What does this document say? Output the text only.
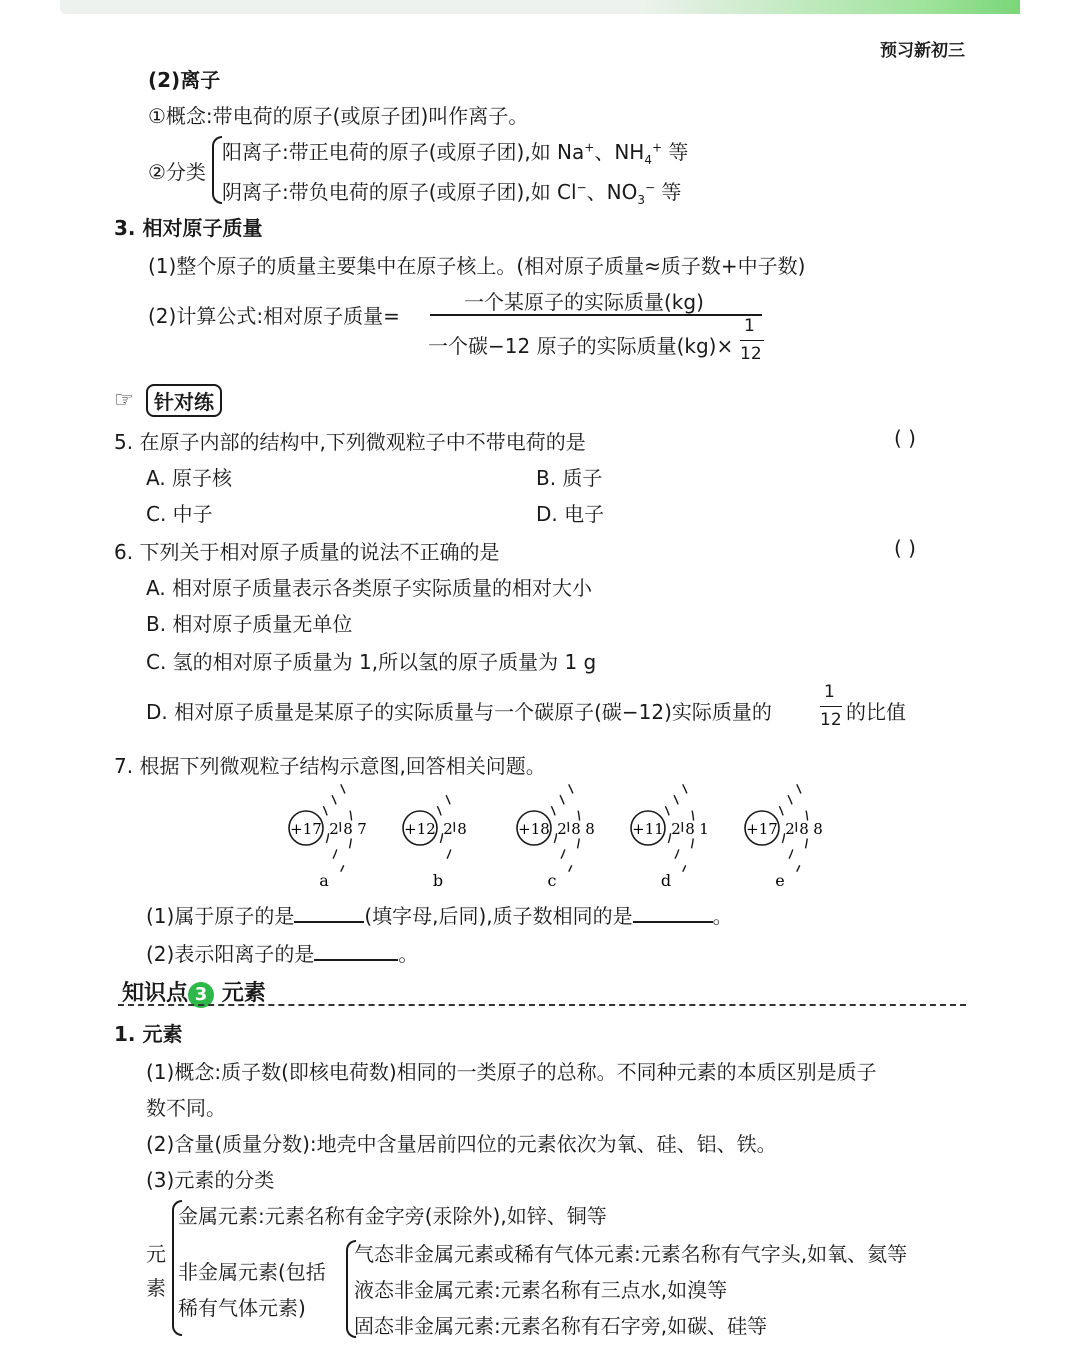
预习新初三
(2)离子
①概念:带电荷的原子(或原子团)叫作离子。
②分类
阳离子:带正电荷的原子(或原子团),如 Na+、$NH_4^+$ 等
阴离子:带负电荷的原子(或原子团),如 Cl−、$NO_3^-$ 等
3. 相对原子质量
(1)整个原子的质量主要集中在原子核上。(相对原子质量≈质子数+中子数)
(2)计算公式:相对原子质量=
一个某原子的实际质量(kg)
一个碳−12 原子的实际质量(kg)×
1
12
☞	针对练
5. 在原子内部的结构中,下列微观粒子中不带电荷的是	( )
A. 原子核	B. 质子
C. 中子	D. 电子
6. 下列关于相对原子质量的说法不正确的是	( )
A. 相对原子质量表示各类原子实际质量的相对大小
B. 相对原子质量无单位
C. 氢的相对原子质量为 1,所以氢的原子质量为 1 g
D. 相对原子质量是某原子的实际质量与一个碳原子(碳−12)实际质量的
1
12 的比值
7. 根据下列微观粒子结构示意图,回答相关问题。
+17 2 8 7
a
+12 2 8
b
+18 2 8 8
c
+11 2 8 1
d
+17 2 8 8
e
(1)属于原子的是	(填字母,后同),质子数相同的是	。
(2)表示阳离子的是	。
知识点 3 元素
1. 元素
(1)概念:质子数(即核电荷数)相同的一类原子的总称。不同种元素的本质区别是质子
数不同。
(2)含量(质量分数):地壳中含量居前四位的元素依次为氧、硅、铝、铁。
(3)元素的分类
元
素
金属元素:元素名称有金字旁(汞除外),如锌、铜等
非金属元素(包括
稀有气体元素)
气态非金属元素或稀有气体元素:元素名称有气字头,如氧、氦等
液态非金属元素:元素名称有三点水,如溴等
固态非金属元素:元素名称有石字旁,如碳、硅等
